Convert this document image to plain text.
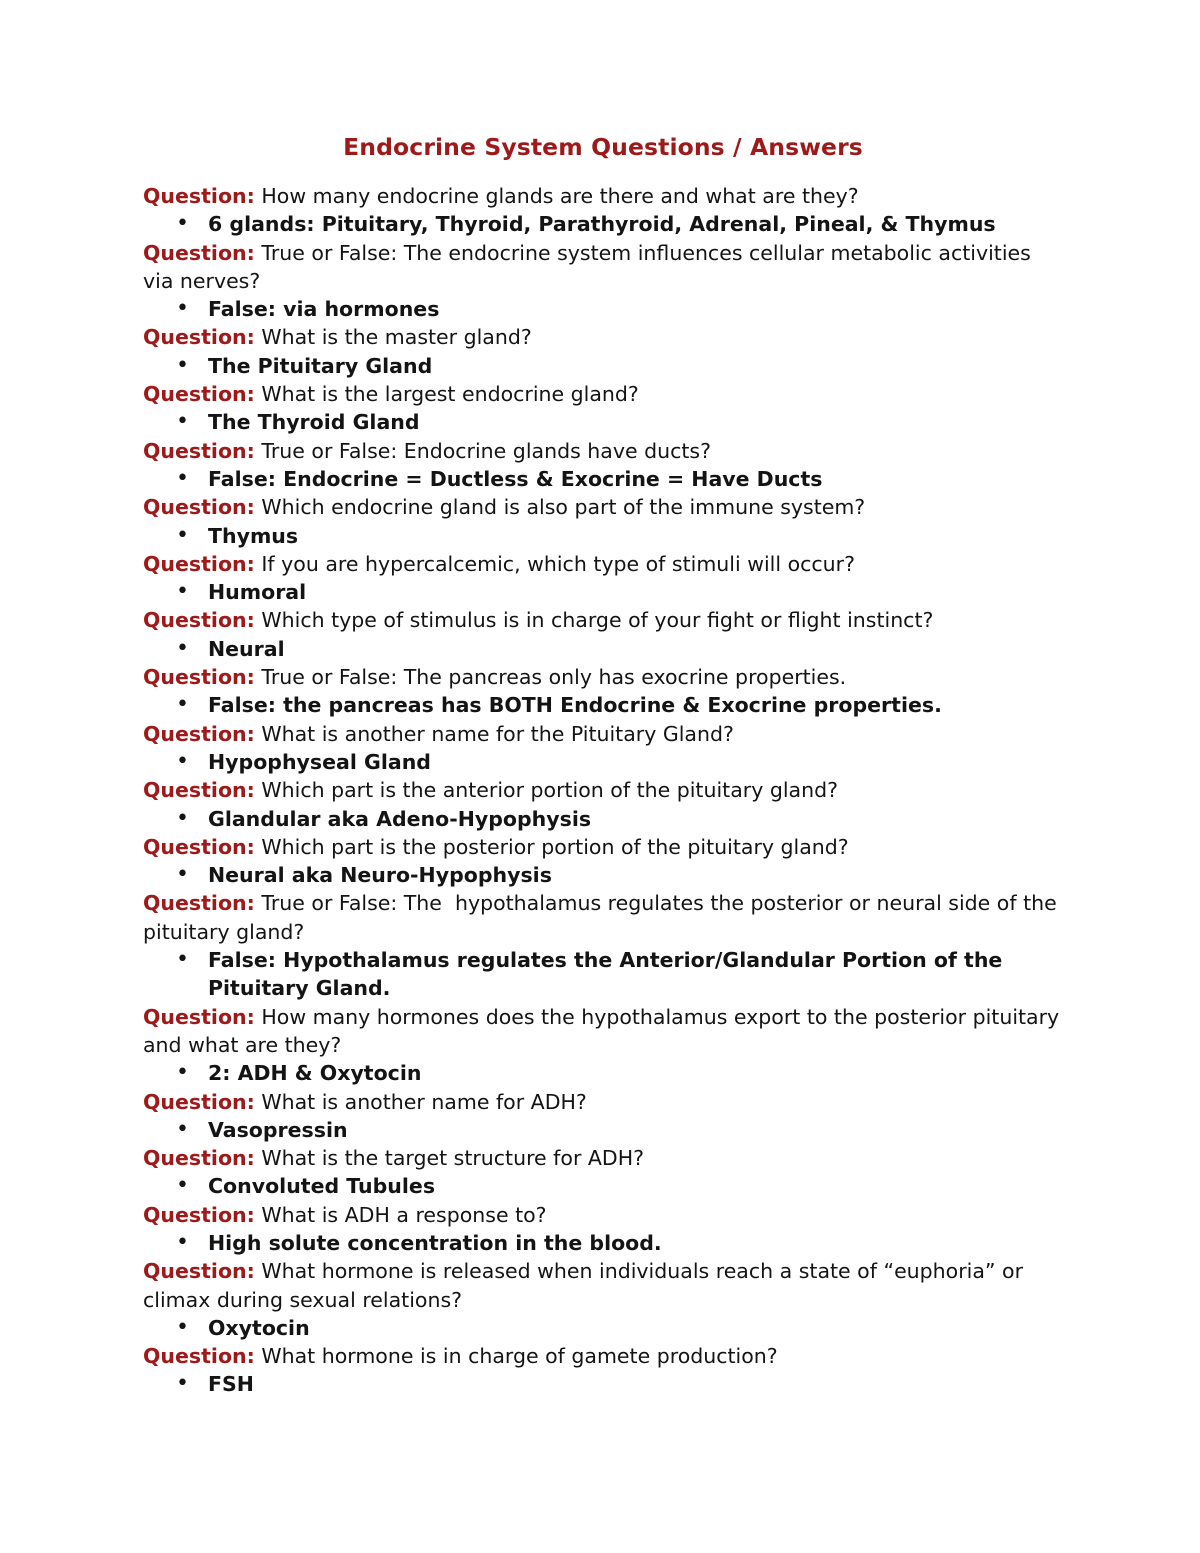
Endocrine System Questions / Answers

Question: How many endocrine glands are there and what are they?

• 6 glands: Pituitary, Thyroid, Parathyroid, Adrenal, Pineal, & Thymus

Question: True or False: The endocrine system influences cellular metabolic activities via nerves?

• False: via hormones

Question: What is the master gland?

• The Pituitary Gland

Question: What is the largest endocrine gland?

• The Thyroid Gland

Question: True or False: Endocrine glands have ducts?

• False: Endocrine = Ductless & Exocrine = Have Ducts

Question: Which endocrine gland is also part of the immune system?

• Thymus

Question: If you are hypercalcemic, which type of stimuli will occur?

• Humoral

Question: Which type of stimulus is in charge of your fight or flight instinct?

• Neural

Question: True or False: The pancreas only has exocrine properties.

• False: the pancreas has BOTH Endocrine & Exocrine properties.

Question: What is another name for the Pituitary Gland?

• Hypophyseal Gland

Question: Which part is the anterior portion of the pituitary gland?

• Glandular aka Adeno-Hypophysis

Question: Which part is the posterior portion of the pituitary gland?

• Neural aka Neuro-Hypophysis

Question: True or False: The  hypothalamus regulates the posterior or neural side of the pituitary gland?

• False: Hypothalamus regulates the Anterior/Glandular Portion of the Pituitary Gland.

Question: How many hormones does the hypothalamus export to the posterior pituitary and what are they?

• 2: ADH & Oxytocin

Question: What is another name for ADH?

• Vasopressin

Question: What is the target structure for ADH?

• Convoluted Tubules

Question: What is ADH a response to?

• High solute concentration in the blood.

Question: What hormone is released when individuals reach a state of “euphoria” or climax during sexual relations?

• Oxytocin

Question: What hormone is in charge of gamete production?

• FSH
